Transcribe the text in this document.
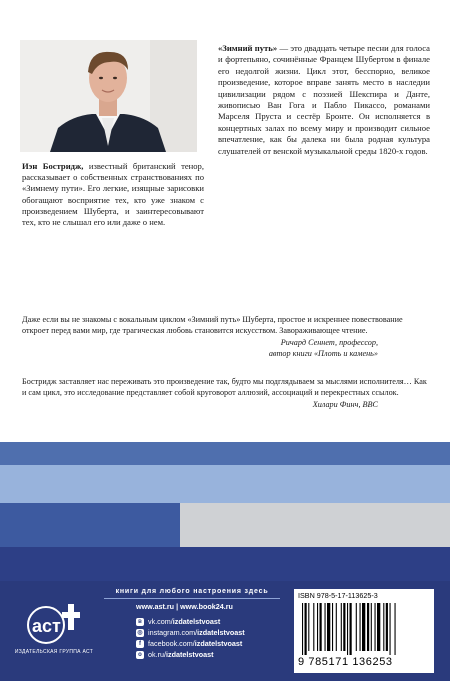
Иэн Бостридж, известный британский тенор, рассказывает о собственных странствованиях по «Зимнему пути». Его легкие, изящные зарисовки обогащают восприятие тех, кто уже знаком с произведением Шуберта, и заинтересовывают тех, кто не слышал его или даже о нем.
«Зимний путь» — это двадцать четыре песни для голоса и фортепьяно, сочинённые Францем Шубертом в финале его недолгой жизни. Цикл этот, бесспорно, великое произведение, которое вправе занять место в наследии цивилизации рядом с поэзией Шекспира и Данте, живописью Ван Гога и Пабло Пикассо, романами Марселя Пруста и сестёр Бронте. Он исполняется в концертных залах по всему миру и производит сильное впечатление, как бы далека ни была родная культура слушателей от венской музыкальной среды 1820-х годов.
Даже если вы не знакомы с вокальным циклом «Зимний путь» Шуберта, простое и искреннее повествование откроет перед вами мир, где трагическая любовь становится искусством. Завораживающее чтение.
Ричард Сеннет, профессор,
автор книги «Плоть и камень»
Бостридж заставляет нас переживать это произведение так, будто мы подглядываем за мыслями исполнителя… Как и сам цикл, это исследование представляет собой круговорот аллюзий, ассоциаций и перекрестных ссылок.
Хилари Финч, BBC
книги для любого настроения здесь
аст
ИЗДАТЕЛЬСКАЯ ГРУППА АСТ
www.ast.ru | www.book24.ru
в vk.com/ izdatelstvoast
◎ instagram.com/ izdatelstvoast
f facebook.com/ izdatelstvoast
о ok.ru/ izdatelstvoast
ISBN 978-5-17-113625-3
9 785171 136253
